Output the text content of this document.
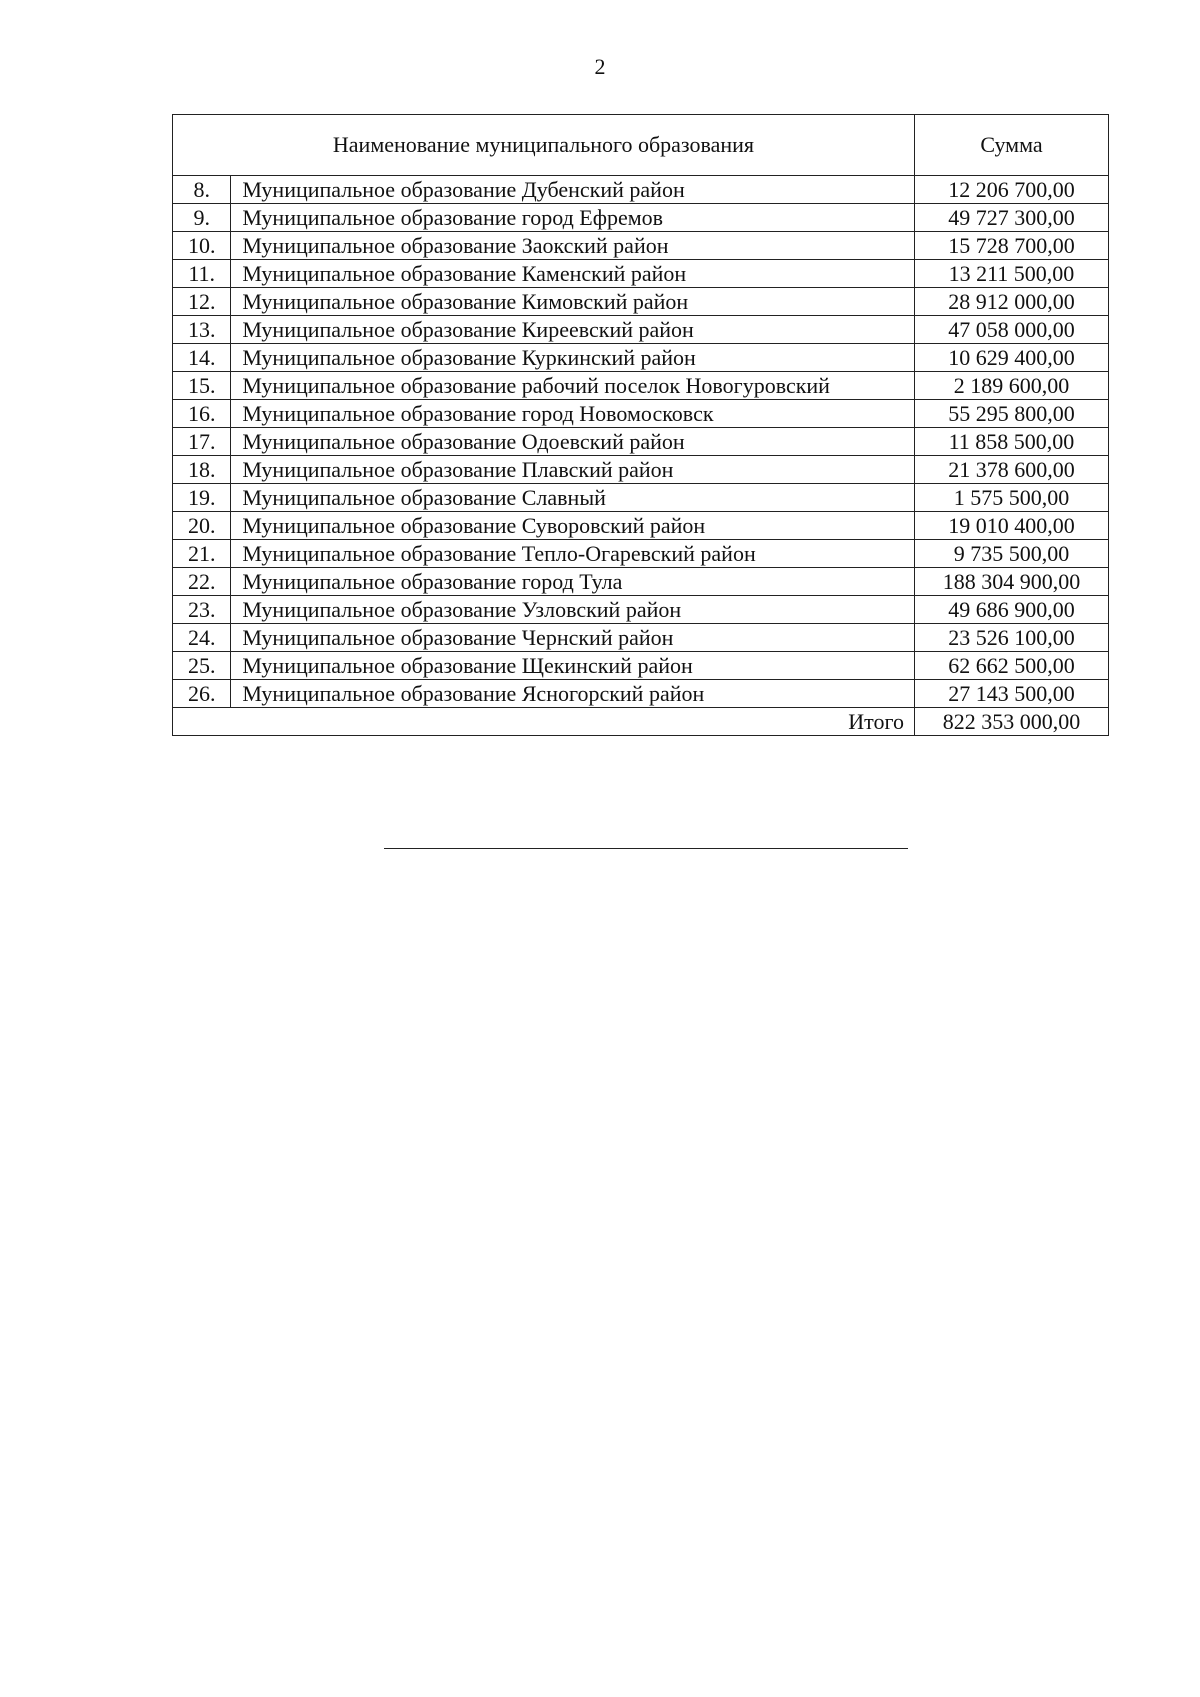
2
Наименование муниципального образования		Сумма
8.	Муниципальное образование Дубенский район	12 206 700,00
9.	Муниципальное образование город Ефремов	49 727 300,00
10.	Муниципальное образование Заокский район	15 728 700,00
11.	Муниципальное образование Каменский район	13 211 500,00
12.	Муниципальное образование Кимовский район	28 912 000,00
13.	Муниципальное образование Киреевский район	47 058 000,00
14.	Муниципальное образование Куркинский район	10 629 400,00
15.	Муниципальное образование рабочий поселок Новогуровский	2 189 600,00
16.	Муниципальное образование город Новомосковск	55 295 800,00
17.	Муниципальное образование Одоевский район	11 858 500,00
18.	Муниципальное образование Плавский район	21 378 600,00
19.	Муниципальное образование Славный	1 575 500,00
20.	Муниципальное образование Суворовский район	19 010 400,00
21.	Муниципальное образование Тепло-Огаревский район	9 735 500,00
22.	Муниципальное образование город Тула	188 304 900,00
23.	Муниципальное образование Узловский район	49 686 900,00
24.	Муниципальное образование Чернский район	23 526 100,00
25.	Муниципальное образование Щекинский район	62 662 500,00
26.	Муниципальное образование Ясногорский район	27 143 500,00
Итого		822 353 000,00
